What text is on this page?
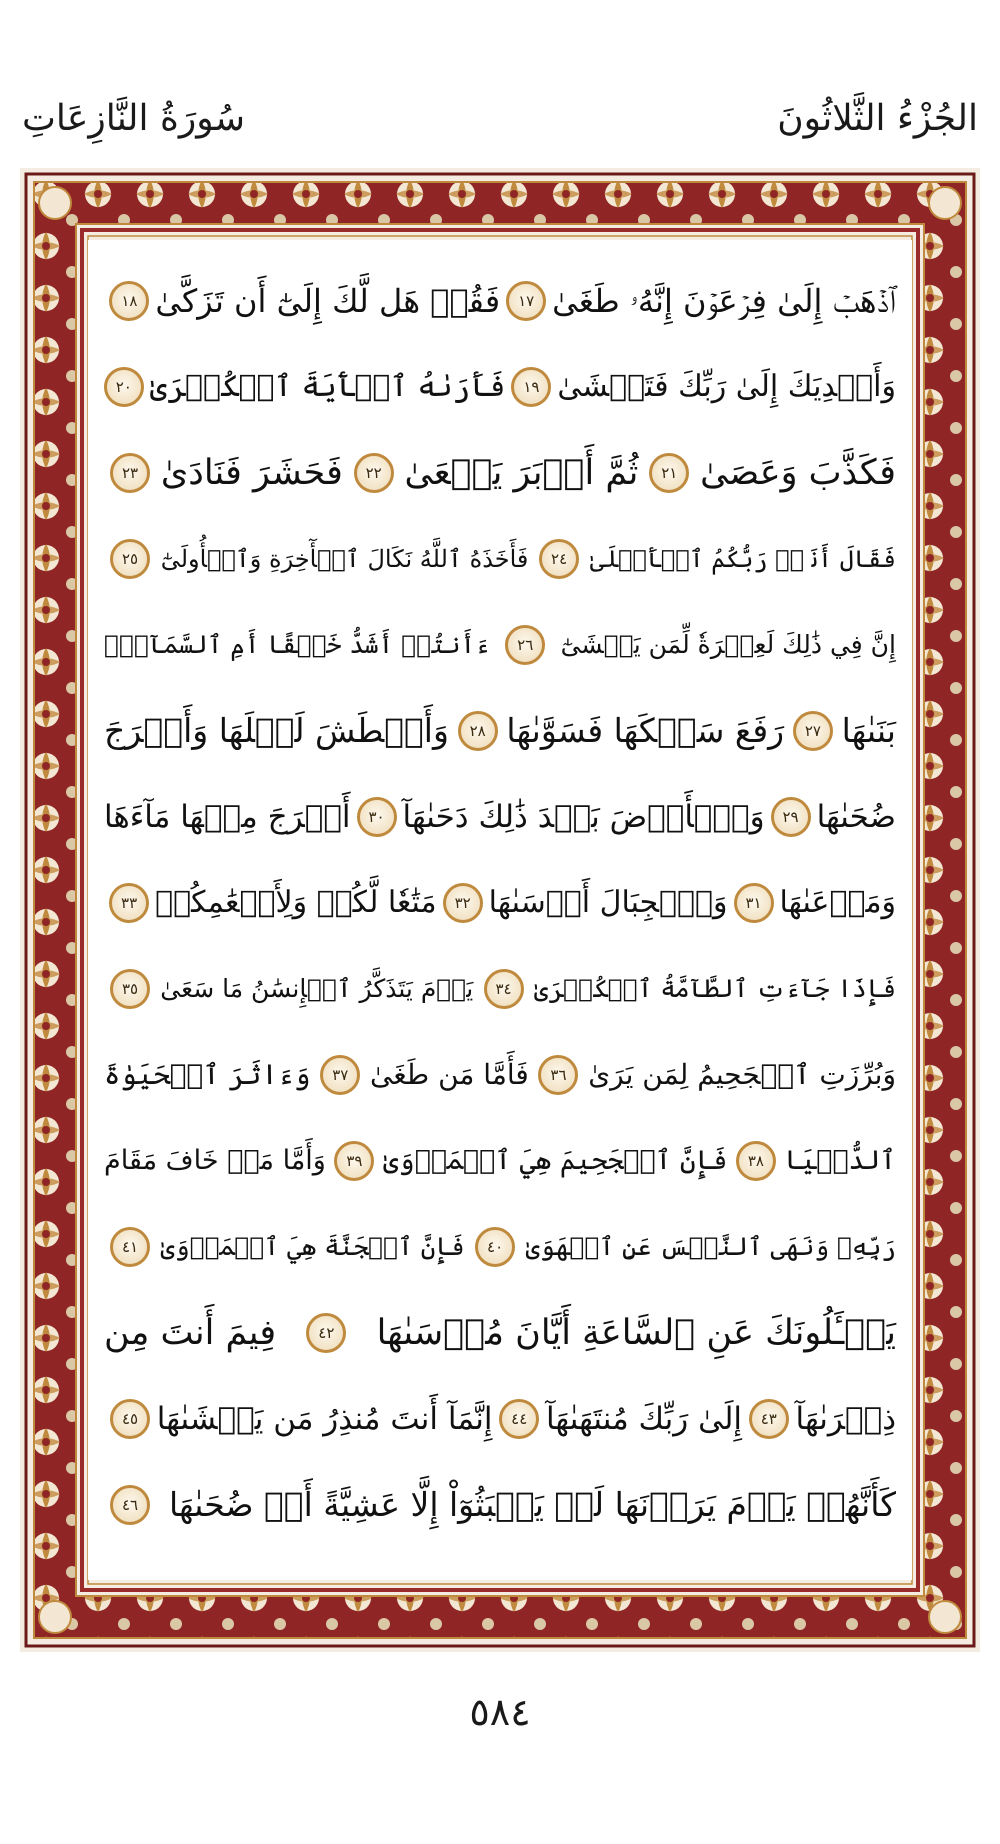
الجُزْءُ الثَّلاثُونَ
سُورَةُ النَّازِعَاتِ
ٱذۡهَبۡ إِلَىٰ فِرۡعَوۡنَ إِنَّهُۥ طَغَىٰ
١٧
فَقُلۡ هَل لَّكَ إِلَىٰٓ أَن تَزَكَّىٰ
١٨
وَأَهۡدِيَكَ إِلَىٰ رَبِّكَ فَتَخۡشَىٰ
١٩
فَأَرَىٰهُ ٱلۡأٓيَةَ ٱلۡكُبۡرَىٰ
٢٠
فَكَذَّبَ وَعَصَىٰ
٢١
ثُمَّ أَدۡبَرَ يَسۡعَىٰ
٢٢
فَحَشَرَ فَنَادَىٰ
٢٣
فَقَالَ أَنَا۠ رَبُّكُمُ ٱلۡأَعۡلَىٰ
٢٤
فَأَخَذَهُ ٱللَّهُ نَكَالَ ٱلۡأٓخِرَةِ وَٱلۡأُولَىٰٓ
٢٥
إِنَّ فِي ذَٰلِكَ لَعِبۡرَةٗ لِّمَن يَخۡشَىٰٓ
٢٦
ءَأَنتُمۡ أَشَدُّ خَلۡقًا أَمِ ٱلسَّمَآءُۚ
بَنَىٰهَا
٢٧
رَفَعَ سَمۡكَهَا فَسَوَّىٰهَا
٢٨
وَأَغۡطَشَ لَيۡلَهَا وَأَخۡرَجَ
ضُحَىٰهَا
٢٩
وَٱلۡأَرۡضَ بَعۡدَ ذَٰلِكَ دَحَىٰهَآ
٣٠
أَخۡرَجَ مِنۡهَا مَآءَهَا
وَمَرۡعَىٰهَا
٣١
وَٱلۡجِبَالَ أَرۡسَىٰهَا
٣٢
مَتَٰعٗا لَّكُمۡ وَلِأَنۡعَٰمِكُمۡ
٣٣
فَإِذَا جَآءَتِ ٱلطَّآمَّةُ ٱلۡكُبۡرَىٰ
٣٤
يَوۡمَ يَتَذَكَّرُ ٱلۡإِنسَٰنُ مَا سَعَىٰ
٣٥
وَبُرِّزَتِ ٱلۡجَحِيمُ لِمَن يَرَىٰ
٣٦
فَأَمَّا مَن طَغَىٰ
٣٧
وَءَاثَرَ ٱلۡحَيَوٰةَ
ٱلدُّنۡيَا
٣٨
فَإِنَّ ٱلۡجَحِيمَ هِيَ ٱلۡمَأۡوَىٰ
٣٩
وَأَمَّا مَنۡ خَافَ مَقَامَ
رَبِّهِۦ وَنَهَى ٱلنَّفۡسَ عَنِ ٱلۡهَوَىٰ
٤٠
فَإِنَّ ٱلۡجَنَّةَ هِيَ ٱلۡمَأۡوَىٰ
٤١
يَسۡـَٔلُونَكَ عَنِ ٱلسَّاعَةِ أَيَّانَ مُرۡسَىٰهَا
٤٢
فِيمَ أَنتَ مِن
ذِكۡرَىٰهَآ
٤٣
إِلَىٰ رَبِّكَ مُنتَهَىٰهَآ
٤٤
إِنَّمَآ أَنتَ مُنذِرُ مَن يَخۡشَىٰهَا
٤٥
كَأَنَّهُمۡ يَوۡمَ يَرَوۡنَهَا لَمۡ يَلۡبَثُوٓاْ إِلَّا عَشِيَّةً أَوۡ ضُحَىٰهَا
٤٦
٥٨٤
